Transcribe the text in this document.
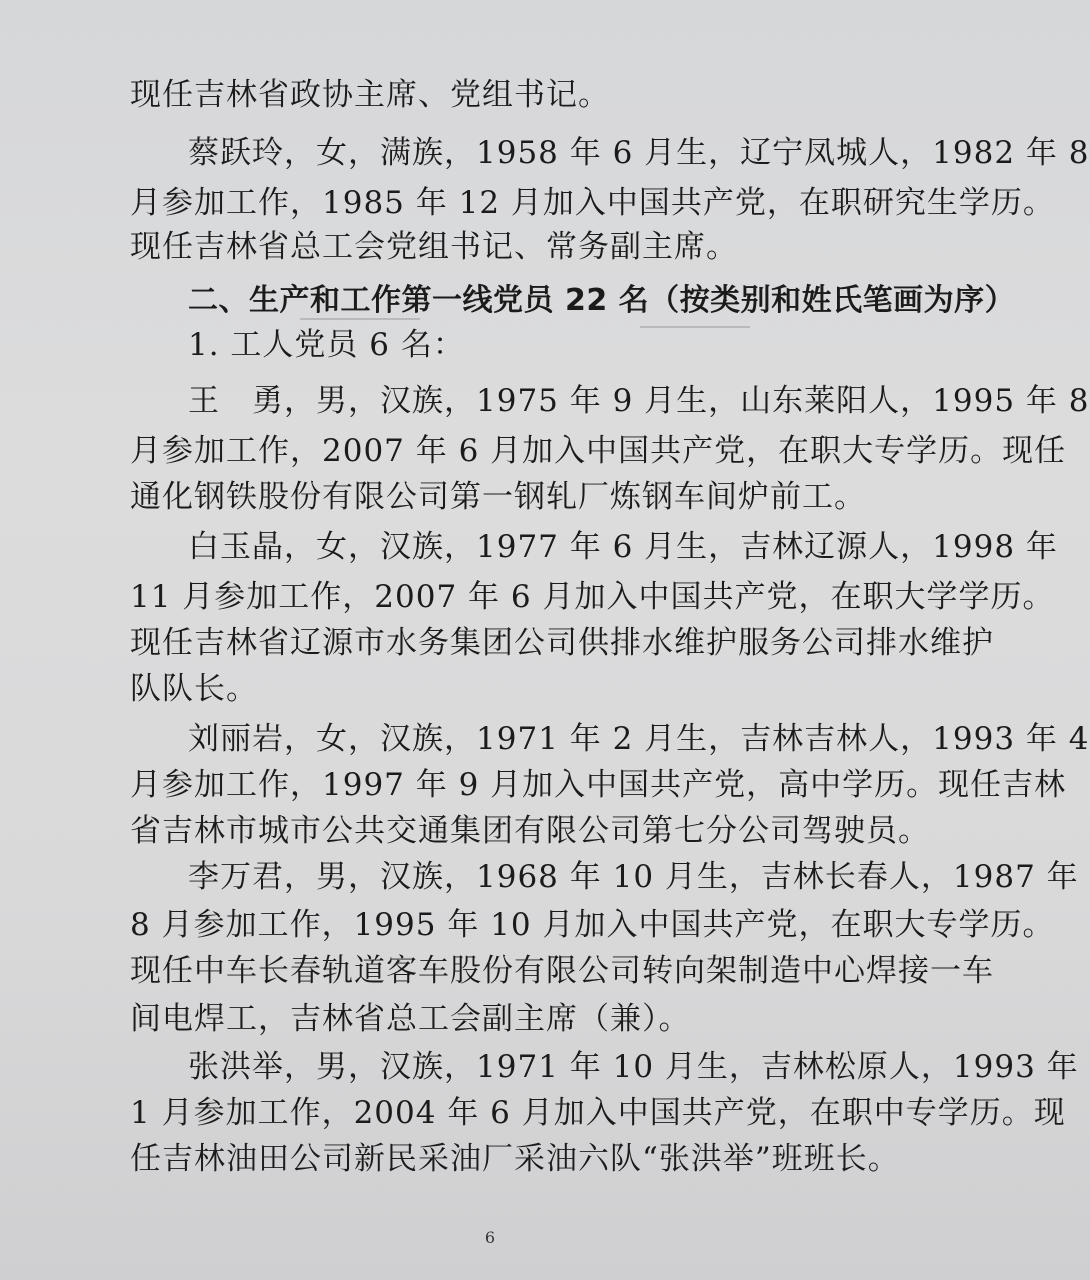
现任吉林省政协主席、党组书记。
蔡跃玲，女，满族，1958 年 6 月生，辽宁凤城人，1982 年 8
月参加工作，1985 年 12 月加入中国共产党，在职研究生学历。
现任吉林省总工会党组书记、常务副主席。
二、生产和工作第一线党员 22 名（按类别和姓氏笔画为序）
1. 工人党员 6 名：
王　勇，男，汉族，1975 年 9 月生，山东莱阳人，1995 年 8
月参加工作，2007 年 6 月加入中国共产党，在职大专学历。现任
通化钢铁股份有限公司第一钢轧厂炼钢车间炉前工。
白玉晶，女，汉族，1977 年 6 月生，吉林辽源人，1998 年
11 月参加工作，2007 年 6 月加入中国共产党，在职大学学历。
现任吉林省辽源市水务集团公司供排水维护服务公司排水维护
队队长。
刘丽岩，女，汉族，1971 年 2 月生，吉林吉林人，1993 年 4
月参加工作，1997 年 9 月加入中国共产党，高中学历。现任吉林
省吉林市城市公共交通集团有限公司第七分公司驾驶员。
李万君，男，汉族，1968 年 10 月生，吉林长春人，1987 年
8 月参加工作，1995 年 10 月加入中国共产党，在职大专学历。
现任中车长春轨道客车股份有限公司转向架制造中心焊接一车
间电焊工，吉林省总工会副主席（兼）。
张洪举，男，汉族，1971 年 10 月生，吉林松原人，1993 年
1 月参加工作，2004 年 6 月加入中国共产党，在职中专学历。现
任吉林油田公司新民采油厂采油六队“张洪举”班班长。
6
